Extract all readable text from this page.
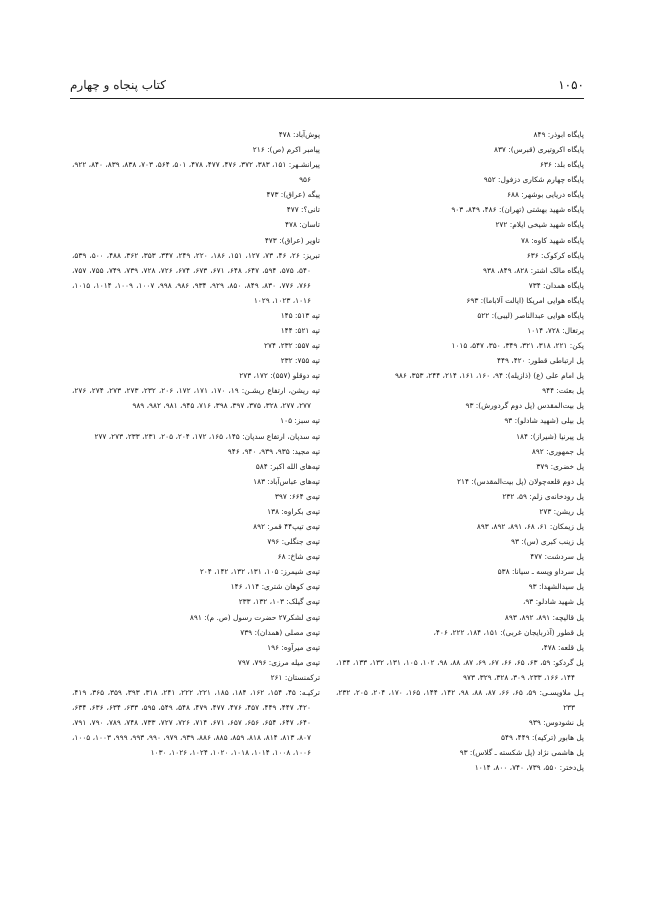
۱۰۵۰
کتاب پنجاه و چهارم

پایگاه ابوذر: ۸۴۹

پایگاه اکروتیری (قبرس): ۸۳۷

پایگاه بلد: ۶۳۶

پایگاه چهارم شکاری دزفول: ۹۵۲

پایگاه دریایی بوشهر: ۶۸۸

پایگاه شهید بهشتی (تهران): ۴۸۶، ۸۴۹، ۹۰۳

پایگاه شهید شیخی ایلام: ۲۷۲

پایگاه شهید کاوه: ۷۸

پایگاه کرکوک: ۶۳۶

پایگاه مالک اشتر: ۸۲۸، ۸۴۹، ۹۳۸

پایگاه همدان: ۷۳۴

پایگاه هوایی امریکا (ایالت آلاباما): ۶۹۳

پایگاه هوایی عبدالناصر (لیبی): ۵۲۲

پرتغال: ۷۲۸، ۱۰۱۴

پکن: ۲۲۱، ۳۱۸، ۳۲۱، ۳۴۹، ۳۵۰، ۵۴۷، ۱۰۱۵

پل ارتباطی قطور: ۴۲۰، ۴۴۹

پل امام علی (ع) (ذازیله): ۹۴، ۱۶۰، ۱۶۱، ۲۱۴، ۲۴۴، ۳۵۳، ۹۸۶

پل بعثت: ۹۴۴

پل بیت‌المقدس (پل دوم گردورش): ۹۳

پل بیلی (شهید شادلو): ۹۳

پل پیرنیا (شیراز): ۱۸۴

پل جمهوری: ۸۹۲

پل خضری: ۳۷۹

پل دوم قلعه‌چولان (پل بیت‌المقدس): ۲۱۴

پل رودخانه‌ی زلم: ۵۹، ۲۳۲

پل ریشن: ۲۷۳

پل زیمکان: ۶۱، ۶۸، ۸۹۱، ۸۹۲، ۸۹۳

پل زینب کبری (س): ۹۳

پل سردشت: ۴۷۷

پل سرداو ویسه ـ سیانا: ۵۳۸

پل سیدالشهدا: ۹۳

پل شهید شادلو: ۹۳،

پل قالیچه: ۸۹۱، ۸۹۲، ۸۹۳

پل قطور (آذربایجان غربی): ۱۵۱، ۱۸۴، ۲۲۲، ۴۰۶،

پل قلعه: ۴۷۸،

پل گردکو: ۵۹، ۶۳، ۶۵، ۶۶، ۶۷، ۶۹، ۸۷، ۸۸، ۹۸، ۱۰۲، ۱۰۵، ۱۳۱، ۱۳۲، ۱۳۳، ۱۳۴، ۱۴۴، ۱۶۶، ۲۳۳، ۳۰۹، ۳۲۸، ۳۲۹، ۹۷۳

پـل ملاویسـی: ۵۹، ۶۵، ۶۶، ۸۷، ۸۸، ۹۸، ۱۴۲، ۱۴۴، ۱۶۵، ۱۷۰، ۲۰۴، ۲۰۵، ۲۳۲، ۲۳۳

پل نشودوس: ۹۳۹

پل هابور (ترکیه): ۴۴۹، ۵۴۹

پل هاشمی نژاد (پل شکسته ـ گلاس): ۹۳

پل‌دختر: ۵۵۰، ۷۳۹، ۷۴۰، ۸۰۰، ۱۰۱۴

پوش‌آباد: ۴۷۸

پیامبر اکرم (ص): ۲۱۶

پیرانشـهر: ۱۵۱، ۳۸۳، ۳۷۲، ۴۷۶، ۴۷۷، ۴۷۸، ۵۰۱، ۵۶۴، ۷۰۳، ۸۳۸، ۸۳۹، ۸۴۰، ۹۲۲، ۹۵۶

پیگه (عراق): ۴۷۳

تانی؟: ۴۷۷

تاسان: ۴۷۸

تاویر (عراق): ۴۷۳

تبریز: ۲۶، ۴۶، ۷۳، ۱۲۷، ۱۵۱، ۱۸۶، ۲۲۰، ۲۴۹، ۳۴۷، ۳۵۳، ۳۶۲، ۴۸۸، ۵۰۰، ۵۳۹، ۵۴۰، ۵۷۵، ۵۹۴، ۶۴۷، ۶۴۸، ۶۷۱، ۶۷۳، ۶۷۴، ۷۲۶، ۷۲۸، ۷۳۹، ۷۴۹، ۷۵۵، ۷۵۷، ۷۶۶، ۷۷۶، ۸۳۰، ۸۴۹، ۸۵۰، ۹۲۹، ۹۳۴، ۹۸۶، ۹۹۸، ۱۰۰۷، ۱۰۰۹، ۱۰۱۴، ۱۰۱۵، ۱۰۱۶، ۱۰۲۳، ۱۰۲۹

تپه ۵۱۳: ۱۴۵

تپه ۵۲۱: ۱۴۴

تپه ۵۵۷: ۲۳۲، ۲۷۴

تپه ۷۵۵: ۲۳۲

تپه دوقلو (۵۵۷): ۱۷۲، ۲۷۳

تپه ریشن، ارتفاع ریشـن: ۱۹، ۱۷۰، ۱۷۱، ۱۷۲، ۲۰۶، ۲۳۲، ۲۷۳، ۲۷۳، ۲۷۴، ۲۷۶، ۲۷۷، ۲۷۷، ۳۲۸، ۳۷۵، ۳۹۷، ۳۹۸، ۷۱۶، ۹۴۵، ۹۸۱، ۹۸۲، ۹۸۹

تپه سبز: ۱۰۵

تپه سدپان، ارتفاع سدپان: ۱۴۵، ۱۶۵، ۱۷۲، ۲۰۴، ۲۰۵، ۲۳۱، ۲۳۳، ۲۷۳، ۲۷۷

تپه مجید: ۹۳۵، ۹۳۹، ۹۴۰، ۹۴۶

تپه‌های الله اکبر: ۵۸۴

تپه‌های عباس‌آباد: ۱۸۳

تپه‌ی ۶۶۴: ۳۹۷

تپه‌ی بکراوه: ۱۳۸

تپه‌ی تیپ۴۴ قمر: ۸۹۲

تپه‌ی جنگلی: ۷۹۶

تپه‌ی شاخ: ۶۸

تپه‌ی شیمرز: ۱۰۵، ۱۳۱، ۱۳۲، ۱۴۲، ۲۰۴

تپه‌ی کوهان شتری: ۱۱۴، ۱۴۶

تپه‌ی گیلک: ۱۰۳، ۱۳۲، ۲۳۳

تپه‌ی لشکر۲۷ حضرت رسول (ص. م): ۸۹۱

تپه‌ی مصلی (همدان): ۷۳۹

تپه‌ی میرآوه: ۱۹۶

تپه‌ی میله مرزی: ۷۹۶، ۷۹۷

ترکمنستان: ۲۶۱

ترکیـه: ۴۵، ۱۵۴، ۱۶۲، ۱۸۴، ۱۸۵، ۲۲۱، ۲۲۲، ۲۴۱، ۳۱۸، ۳۹۳، ۳۵۹، ۳۶۵، ۴۱۹، ۴۲۰، ۴۴۷، ۴۴۹، ۴۵۷، ۴۷۶، ۴۷۷، ۴۷۹، ۵۴۸، ۵۴۹، ۵۹۵، ۶۳۳، ۶۳۴، ۶۳۶، ۶۳۴، ۶۴۰، ۶۴۷، ۶۵۴، ۶۵۶، ۶۵۷، ۶۷۱، ۷۱۴، ۷۲۶، ۷۲۷، ۷۳۳، ۷۴۸، ۷۸۹، ۷۹۰، ۷۹۱، ۸۰۷، ۸۱۳، ۸۱۴، ۸۱۸، ۸۵۹، ۸۸۵، ۸۸۶، ۹۳۹، ۹۷۹، ۹۹۰، ۹۹۳، ۹۹۹، ۱۰۰۳، ۱۰۰۵، ۱۰۰۶، ۱۰۰۸، ۱۰۱۴، ۱۰۱۸، ۱۰۲۰، ۱۰۲۴، ۱۰۲۶، ۱۰۳۰
